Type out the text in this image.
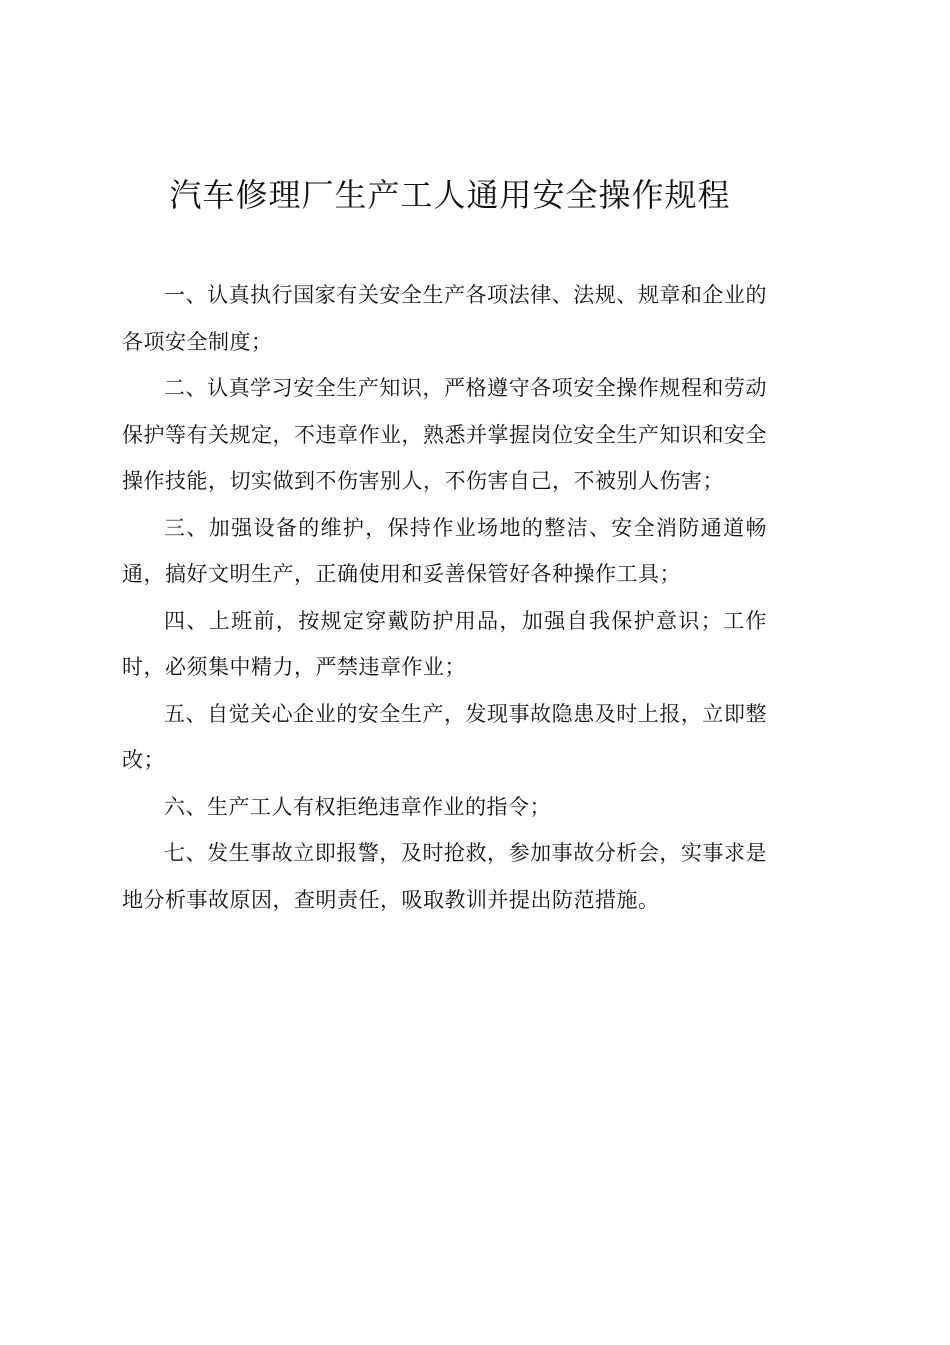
汽车修理厂生产工人通用安全操作规程

一、认真执行国家有关安全生产各项法律、法规、规章和企业的各项安全制度；

二、认真学习安全生产知识，严格遵守各项安全操作规程和劳动保护等有关规定，不违章作业，熟悉并掌握岗位安全生产知识和安全操作技能，切实做到不伤害别人，不伤害自己，不被别人伤害；

三、加强设备的维护，保持作业场地的整洁、安全消防通道畅通，搞好文明生产，正确使用和妥善保管好各种操作工具；

四、上班前，按规定穿戴防护用品，加强自我保护意识；工作时，必须集中精力，严禁违章作业；

五、自觉关心企业的安全生产，发现事故隐患及时上报，立即整改；

六、生产工人有权拒绝违章作业的指令；

七、发生事故立即报警，及时抢救，参加事故分析会，实事求是地分析事故原因，查明责任，吸取教训并提出防范措施。
